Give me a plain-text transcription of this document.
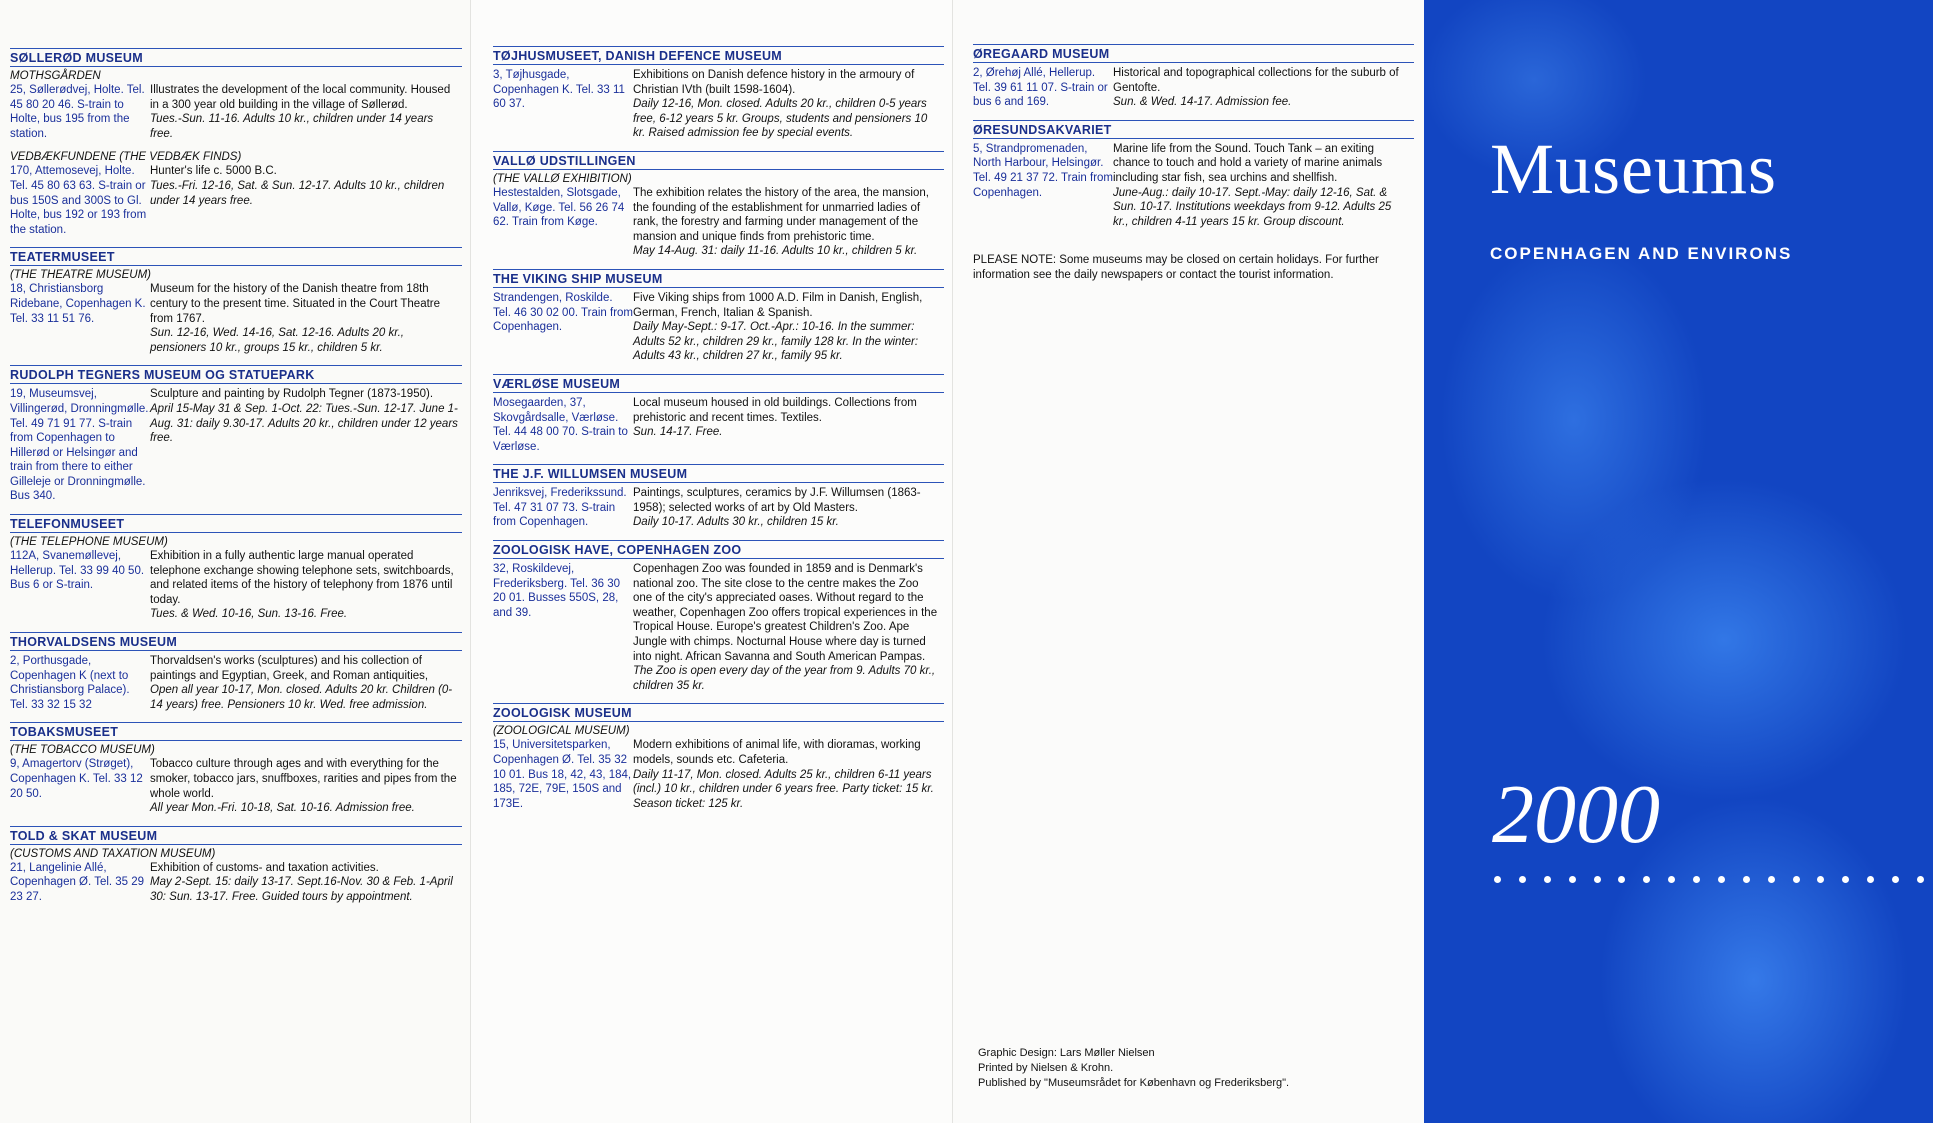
SØLLERØD MUSEUM
MOTHSGÅRDEN
25, Søllerødvej, Holte. Tel. 45 80 20 46. S-train to Holte, bus 195 from the station.
Illustrates the development of the local community. Housed in a 300 year old building in the village of Søllerød.
Tues.-Sun. 11-16. Adults 10 kr., children under 14 years free.
VEDBÆKFUNDENE (THE VEDBÆK FINDS)
170, Attemosevej, Holte. Tel. 45 80 63 63. S-train or bus 150S and 300S to Gl. Holte, bus 192 or 193 from the station.
Hunter's life c. 5000 B.C.
Tues.-Fri. 12-16, Sat. & Sun. 12-17. Adults 10 kr., children under 14 years free.
TEATERMUSEET
(THE THEATRE MUSEUM)
18, Christiansborg Ridebane, Copenhagen K. Tel. 33 11 51 76.
Museum for the history of the Danish theatre from 18th century to the present time. Situated in the Court Theatre from 1767.
Sun. 12-16, Wed. 14-16, Sat. 12-16. Adults 20 kr., pensioners 10 kr., groups 15 kr., children 5 kr.
RUDOLPH TEGNERS MUSEUM OG STATUEPARK
19, Museumsvej, Villingerød, Dronningmølle. Tel. 49 71 91 77. S-train from Copenhagen to Hillerød or Helsingør and train from there to either Gilleleje or Dronningmølle. Bus 340.
Sculpture and painting by Rudolph Tegner (1873-1950).
April 15-May 31 & Sep. 1-Oct. 22: Tues.-Sun. 12-17. June 1-Aug. 31: daily 9.30-17. Adults 20 kr., children under 12 years free.
TELEFONMUSEET
(THE TELEPHONE MUSEUM)
112A, Svanemøllevej, Hellerup. Tel. 33 99 40 50. Bus 6 or S-train.
Exhibition in a fully authentic large manual operated telephone exchange showing telephone sets, switchboards, and related items of the history of telephony from 1876 until today.
Tues. & Wed. 10-16, Sun. 13-16. Free.
THORVALDSENS MUSEUM
2, Porthusgade, Copenhagen K (next to Christiansborg Palace). Tel. 33 32 15 32
Thorvaldsen's works (sculptures) and his collection of paintings and Egyptian, Greek, and Roman antiquities,
Open all year 10-17, Mon. closed. Adults 20 kr. Children (0-14 years) free. Pensioners 10 kr. Wed. free admission.
TOBAKSMUSEET
(THE TOBACCO MUSEUM)
9, Amagertorv (Strøget), Copenhagen K. Tel. 33 12 20 50.
Tobacco culture through ages and with everything for the smoker, tobacco jars, snuffboxes, rarities and pipes from the whole world.
All year Mon.-Fri. 10-18, Sat. 10-16. Admission free.
TOLD & SKAT MUSEUM
(CUSTOMS AND TAXATION MUSEUM)
21, Langelinie Allé, Copenhagen Ø. Tel. 35 29 23 27.
Exhibition of customs- and taxation activities.
May 2-Sept. 15: daily 13-17. Sept.16-Nov. 30 & Feb. 1-April 30: Sun. 13-17. Free. Guided tours by appointment.
TØJHUSMUSEET, DANISH DEFENCE MUSEUM
3, Tøjhusgade, Copenhagen K. Tel. 33 11 60 37.
Exhibitions on Danish defence history in the armoury of Christian IVth (built 1598-1604).
Daily 12-16, Mon. closed. Adults 20 kr., children 0-5 years free, 6-12 years 5 kr. Groups, students and pensioners 10 kr. Raised admission fee by special events.
VALLØ UDSTILLINGEN
(THE VALLØ EXHIBITION)
Hestestalden, Slotsgade, Vallø, Køge. Tel. 56 26 74 62. Train from Køge.
The exhibition relates the history of the area, the mansion, the founding of the establishment for unmarried ladies of rank, the forestry and farming under management of the mansion and unique finds from prehistoric time.
May 14-Aug. 31: daily 11-16. Adults 10 kr., children 5 kr.
THE VIKING SHIP MUSEUM
Strandengen, Roskilde. Tel. 46 30 02 00. Train from Copenhagen.
Five Viking ships from 1000 A.D. Film in Danish, English, German, French, Italian & Spanish.
Daily May-Sept.: 9-17. Oct.-Apr.: 10-16. In the summer: Adults 52 kr., children 29 kr., family 128 kr. In the winter: Adults 43 kr., children 27 kr., family 95 kr.
VÆRLØSE MUSEUM
Mosegaarden, 37, Skovgårdsalle, Værløse. Tel. 44 48 00 70. S-train to Værløse.
Local museum housed in old buildings. Collections from prehistoric and recent times. Textiles.
Sun. 14-17. Free.
THE J.F. WILLUMSEN MUSEUM
Jenriksvej, Frederikssund. Tel. 47 31 07 73. S-train from Copenhagen.
Paintings, sculptures, ceramics by J.F. Willumsen (1863-1958); selected works of art by Old Masters.
Daily 10-17. Adults 30 kr., children 15 kr.
ZOOLOGISK HAVE, COPENHAGEN ZOO
32, Roskildevej, Frederiksberg. Tel. 36 30 20 01. Busses 550S, 28, and 39.
Copenhagen Zoo was founded in 1859 and is Denmark's national zoo. The site close to the centre makes the Zoo one of the city's appreciated oases. Without regard to the weather, Copenhagen Zoo offers tropical experiences in the Tropical House. Europe's greatest Children's Zoo. Ape Jungle with chimps. Nocturnal House where day is turned into night. African Savanna and South American Pampas.
The Zoo is open every day of the year from 9. Adults 70 kr., children 35 kr.
ZOOLOGISK MUSEUM
(ZOOLOGICAL MUSEUM)
15, Universitetsparken, Copenhagen Ø. Tel. 35 32 10 01. Bus 18, 42, 43, 184, 185, 72E, 79E, 150S and 173E.
Modern exhibitions of animal life, with dioramas, working models, sounds etc. Cafeteria.
Daily 11-17, Mon. closed. Adults 25 kr., children 6-11 years (incl.) 10 kr., children under 6 years free. Party ticket: 15 kr. Season ticket: 125 kr.
ØREGAARD MUSEUM
2, Ørehøj Allé, Hellerup. Tel. 39 61 11 07. S-train or bus 6 and 169.
Historical and topographical collections for the suburb of Gentofte.
Sun. & Wed. 14-17. Admission fee.
ØRESUNDSAKVARIET
5, Strandpromenaden, North Harbour, Helsingør. Tel. 49 21 37 72. Train from Copenhagen.
Marine life from the Sound. Touch Tank – an exiting chance to touch and hold a variety of marine animals including star fish, sea urchins and shellfish.
June-Aug.: daily 10-17. Sept.-May: daily 12-16, Sat. & Sun. 10-17. Institutions weekdays from 9-12. Adults 25 kr., children 4-11 years 15 kr. Group discount.
PLEASE NOTE: Some museums may be closed on certain holidays. For further information see the daily newspapers or contact the tourist information.
Graphic Design: Lars Møller Nielsen
Printed by Nielsen & Krohn.
Published by "Museumsrådet for København og Frederiksberg".
Museums
COPENHAGEN AND ENVIRONS
2000
